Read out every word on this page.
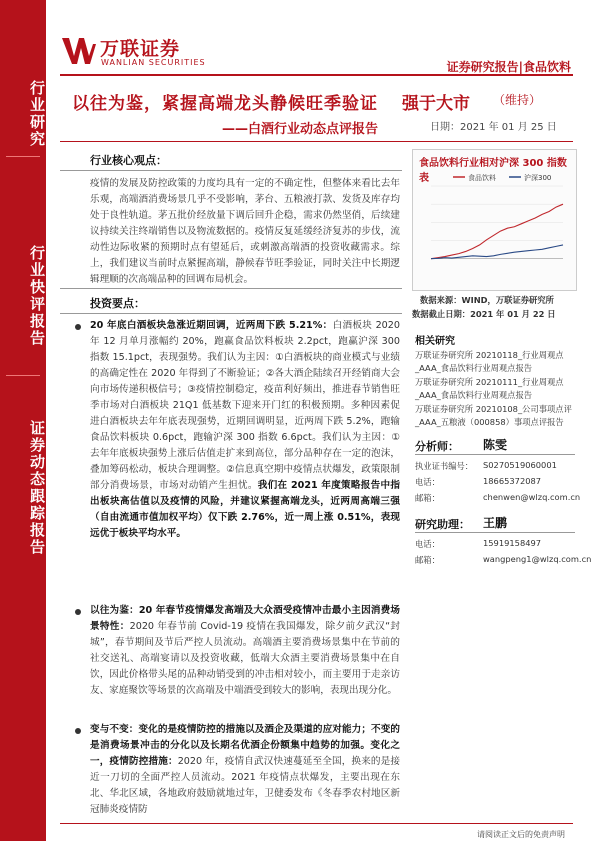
行业研究
行业快评报告
证券动态跟踪报告
万联证券
WANLIAN SECURITIES	证券研究报告|食品饮料
以往为鉴，紧握高端龙头静候旺季验证
——白酒行业动态点评报告
强于大市 （维持）
日期：2021 年 01 月 25 日
行业核心观点：
疫情的发展及防控政策的力度均具有一定的不确定性，但整体来看比去年乐观，高端酒消费场景几乎不受影响，茅台、五粮液打款、发货及库存均处于良性轨道。茅五批价经放量下调后回升企稳，需求仍然坚俏，后续建议持续关注终端销售以及物流数据的。疫情反复延缓经济复苏的步伐，流动性边际收紧的预期时点有望延后，或刺激高端酒的投资收藏需求。综上，我们建议当前时点紧握高端，静候春节旺季验证，同时关注中长期逻辑理顺的次高端品种的回调布局机会。
投资要点：
20 年底白酒板块急涨近期回调，近两周下跌 5.21%：白酒板块 2020 年 12 月单月涨幅约 20%，跑赢食品饮料板块 2.2pct，跑赢沪深 300 指数 15.1pct，表现强势。我们认为主因：①白酒板块的商业模式与业绩的高确定性在 2020 年得到了不断验证；②各大酒企陆续召开经销商大会向市场传递积极信号；③疫情控制稳定，疫苗利好频出，推进春节销售旺季市场对白酒板块 21Q1 低基数下迎来开门红的积极预期。多种因素促进白酒板块去年年底表现强势，近期回调明显，近两周下跌 5.2%，跑输食品饮料板块 0.6pct，跑输沪深 300 指数 6.6pct。我们认为主因：①去年年底板块强势上涨后估值走扩来到高位，部分品种存在一定的泡沫，叠加筹码松动，板块合理调整。②信息真空期中疫情点状爆发，政策限制部分消费场景，市场对动销产生担忧。我们在 2021 年度策略报告中指出板块高估值以及疫情的风险，并建议紧握高端龙头，近两周高端三强（自由流通市值加权平均）仅下跌 2.76%，近一周上涨 0.51%，表现远优于板块平均水平。
以往为鉴：20 年春节疫情爆发高端及大众酒受疫情冲击最小主因消费场景特性：2020 年春节前 Covid-19 疫情在我国爆发，除夕前夕武汉“封城”，春节期间及节后严控人员流动。高端酒主要消费场景集中在节前的社交送礼、高端宴请以及投资收藏，低端大众酒主要消费场景集中在自饮，因此价格带头尾的品种动销受到的冲击相对较小，而主要用于走亲访友、家庭聚饮等场景的次高端及中端酒受到较大的影响，表现出现分化。
变与不变：变化的是疫情防控的措施以及酒企及渠道的应对能力；不变的是消费场景冲击的分化以及长期名优酒企份额集中趋势的加强。变化之一，疫情防控措施：2020 年，疫情自武汉快速蔓延至全国，换来的是接近一刀切的全面严控人员流动。2021 年疫情点状爆发，主要出现在东北、华北区域，各地政府鼓励就地过年，卫健委发布《冬春季农村地区新冠肺炎疫情防
食品饮料行业相对沪深 300 指数表	食品饮料	沪深300
数据来源：WIND，万联证券研究所
数据截止日期：2021 年 01 月 22 日
相关研究
万联证券研究所 20210118_行业周观点_AAA_食品饮料行业周观点报告
万联证券研究所 20210111_行业周观点_AAA_食品饮料行业周观点报告
万联证券研究所 20210108_公司事项点评_AAA_五粮液（000858）事项点评报告
分析师： 陈雯
执业证书编号： S0270519060001
电话：	18665372087
邮箱：	chenwen@wlzq.com.cn
研究助理： 王鹏
电话：	15919158497
邮箱：	wangpeng1@wlzq.com.cn
请阅读正文后的免责声明
